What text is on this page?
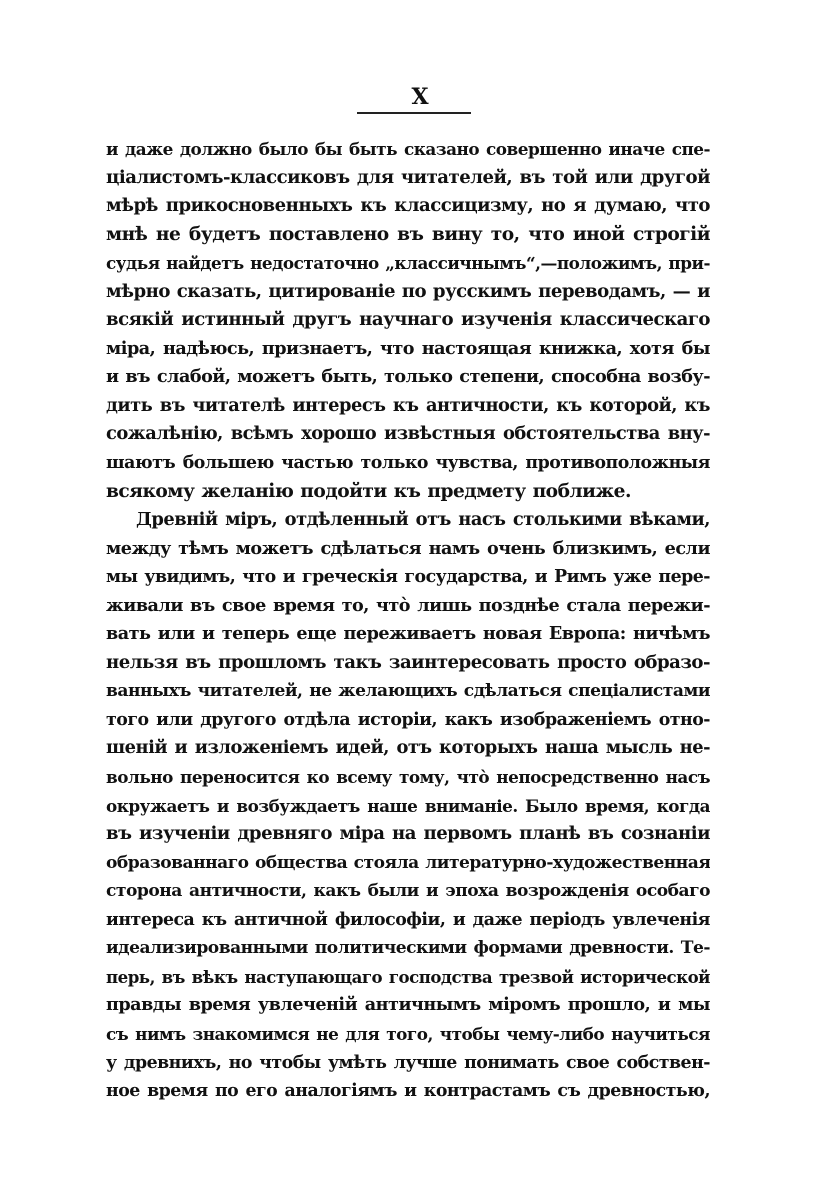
X
и даже должно было бы быть сказано совершенно иначе спе-
ціалистомъ-классиковъ для читателей, въ той или другой
мѣрѣ прикосновенныхъ къ классицизму, но я думаю, что
мнѣ не будетъ поставлено въ вину то, что иной строгій
судья найдетъ недостаточно „классичнымъ“,—положимъ, при-
мѣрно сказать, цитированіе по русскимъ переводамъ, — и
всякій истинный другъ научнаго изученія классическаго
міра, надѣюсь, признаетъ, что настоящая книжка, хотя бы
и въ слабой, можетъ быть, только степени, способна возбу-
дить въ читателѣ интересъ къ античности, къ которой, къ
сожалѣнію, всѣмъ хорошо извѣстныя обстоятельства вну-
шаютъ большею частью только чувства, противоположныя
всякому желанію подойти къ предмету поближе.
Древній міръ, отдѣленный отъ насъ столькими вѣками,
между тѣмъ можетъ сдѣлаться намъ очень близкимъ, если
мы увидимъ, что и греческія государства, и Римъ уже пере-
живали въ свое время то, что̀ лишь позднѣе стала пережи-
вать или и теперь еще переживаетъ новая Европа: ничѣмъ
нельзя въ прошломъ такъ заинтересовать просто образо-
ванныхъ читателей, не желающихъ сдѣлаться спеціалистами
того или другого отдѣла исторіи, какъ изображеніемъ отно-
шеній и изложеніемъ идей, отъ которыхъ наша мысль не-
вольно переносится ко всему тому, что̀ непосредственно насъ
окружаетъ и возбуждаетъ наше вниманіе. Было время, когда
въ изученіи древняго міра на первомъ планѣ въ сознаніи
образованнаго общества стояла литературно-художественная
сторона античности, какъ были и эпоха возрожденія особаго
интереса къ античной философіи, и даже періодъ увлеченія
идеализированными политическими формами древности. Те-
перь, въ вѣкъ наступающаго господства трезвой исторической
правды время увлеченій античнымъ міромъ прошло, и мы
съ нимъ знакомимся не для того, чтобы чему-либо научиться
у древнихъ, но чтобы умѣть лучше понимать свое собствен-
ное время по его аналогіямъ и контрастамъ съ древностью,
